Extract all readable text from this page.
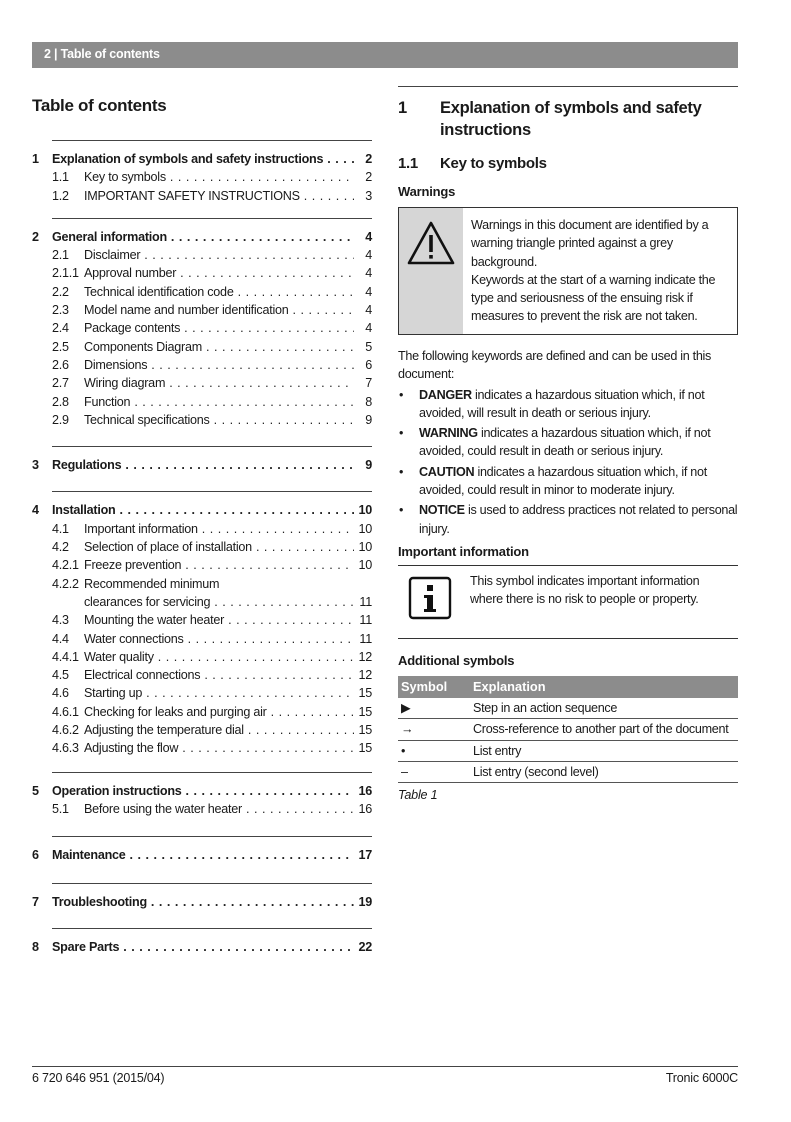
2 | Table of contents
Table of contents
1	Explanation of symbols and safety instructions . . .	2
1.1	Key to symbols . . .	2
1.2	IMPORTANT SAFETY INSTRUCTIONS . . .	3
2	General information . . .	4
2.1	Disclaimer . . .	4
2.1.1 Approval number . . .	4
2.2	Technical identification code . . .	4
2.3	Model name and number identification . . .	4
2.4	Package contents . . .	4
2.5	Components Diagram . . .	5
2.6	Dimensions . . .	6
2.7	Wiring diagram . . .	7
2.8	Function . . .	8
2.9	Technical specifications . . .	9
3	Regulations . . .	9
4	Installation . . .	10
4.1	Important information . . .	10
4.2	Selection of place of installation . . .	10
4.2.1 Freeze prevention . . .	10
4.2.2 Recommended minimum
clearances for servicing . . .	11
4.3	Mounting the water heater . . .	11
4.4	Water connections . . .	11
4.4.1 Water quality . . .	12
4.5	Electrical connections . . .	12
4.6	Starting up . . .	15
4.6.1 Checking for leaks and purging air . . .	15
4.6.2 Adjusting the temperature dial . . .	15
4.6.3 Adjusting the flow . . .	15
5	Operation instructions . . .	16
5.1	Before using the water heater . . .	16
6	Maintenance . . .	17
7	Troubleshooting . . .	19
8	Spare Parts . . .	22
1	Explanation of symbols and safety instructions
1.1	Key to symbols
Warnings
Warnings in this document are identified by a warning triangle printed against a grey background.
Keywords at the start of a warning indicate the type and seriousness of the ensuing risk if measures to prevent the risk are not taken.

The following keywords are defined and can be used in this document:

• DANGER indicates a hazardous situation which, if not avoided, will result in death or serious injury.
• WARNING indicates a hazardous situation which, if not avoided, could result in death or serious injury.
• CAUTION indicates a hazardous situation which, if not avoided, could result in minor to moderate injury.
• NOTICE is used to address practices not related to personal injury.
Important information
This symbol indicates important information where there is no risk to people or property.
Additional symbols
Symbol	Explanation
▶	Step in an action sequence
→	Cross-reference to another part of the document
•	List entry
–	List entry (second level)
Table 1
6 720 646 951 (2015/04)	Tronic 6000C
